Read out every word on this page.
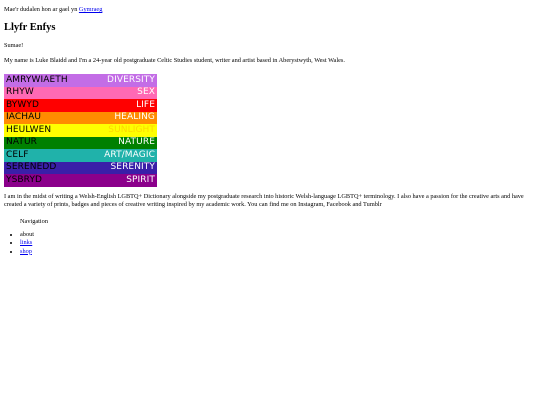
Mae'r dudalen hon ar gael yn Gymraeg

Llyfr Enfys

Sumae!

My name is Luke Blaidd and I'm a 24-year old postgraduate Celtic Studies student, writer and artist based in Aberystwyth, West Wales.

AMRYWIAETH	DIVERSITY
RHYW	SEX
BYWYD	LIFE
IACHAU	HEALING
HEULWEN	SUNLIGHT
NATUR	NATURE
CELF	ART/MAGIC
SERENEDD	SERENITY
YSBRYD	SPIRIT

I am in the midst of writing a Welsh-English LGBTQ+ Dictionary alongside my postgraduate research into historic Welsh-language LGBTQ+ terminology. I also have a passion for the creative arts and have created a variety of prints, badges and pieces of creative writing inspired by my academic work. You can find me on Instagram, Facebook and Tumblr

Navigation
• about
• links
• shop
